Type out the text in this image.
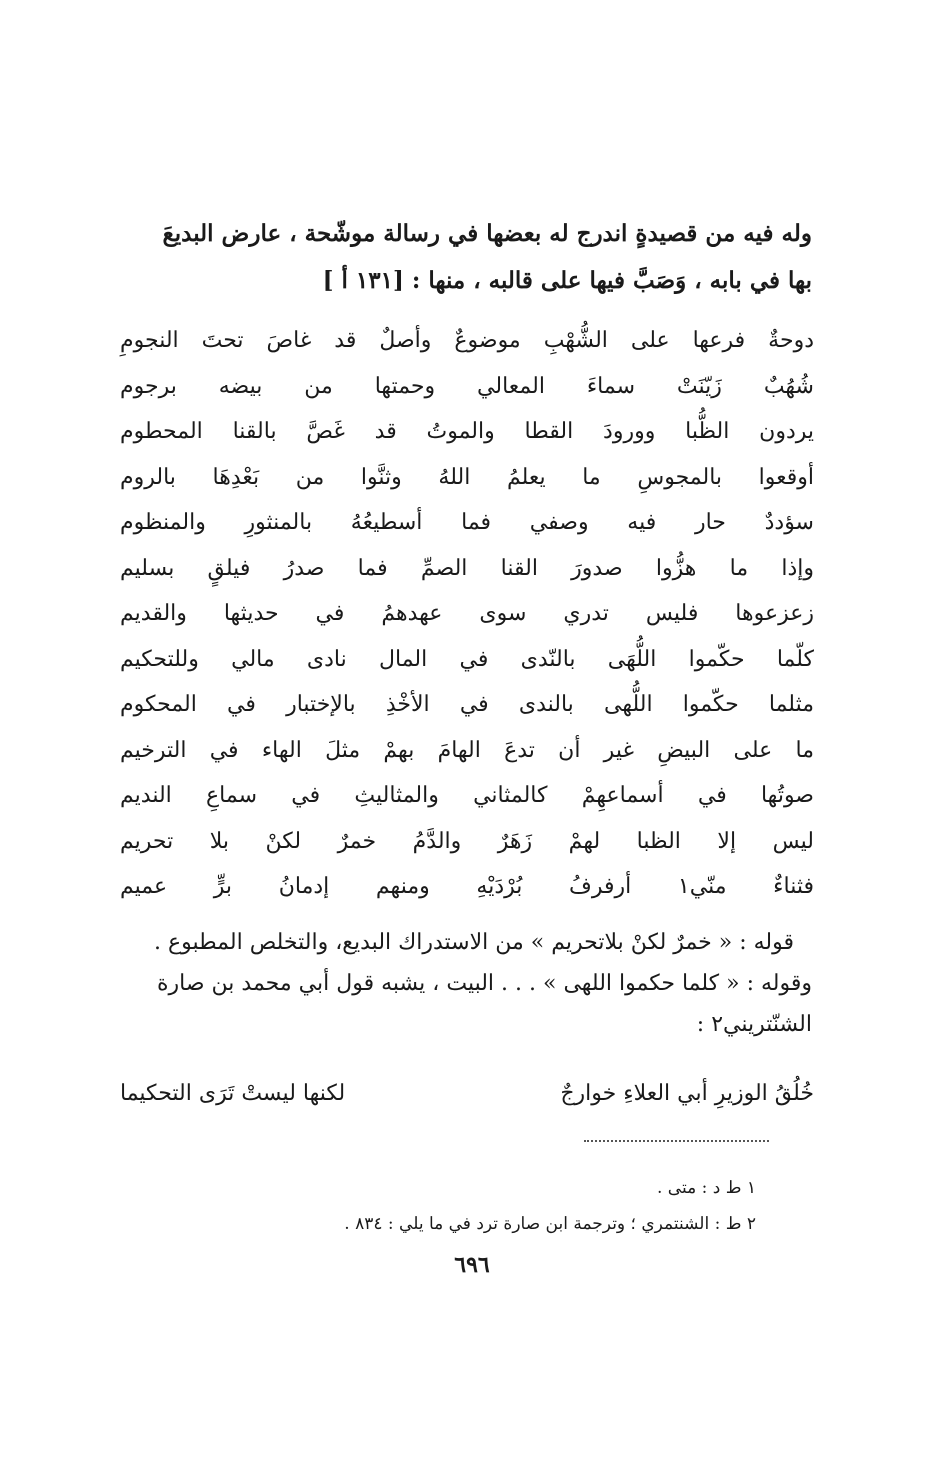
وله فيه من قصيدةٍ اندرج له بعضها في رسالة موشّحة ، عارض البديعَ
بها في بابه ، وَصَبَّ فيها على قالبه ، منها : [١٣١ أ ]
دوحةٌ فرعها على الشُّهْبِ موضوعٌ وأصلٌ قد غاصَ تحتَ النجومِ
شُهُبٌ زَيّنَتْ سماءَ المعالي وحمتها من بيضه برجوم
يردون الظُّبا وورودَ القطا والموتُ قد غَصَّ بالقنا المحطوم
أوقعوا بالمجوسِ ما يعلمُ اللهُ وثنَّوا من بَعْدِهَا بالروم
سؤددٌ حار فيه وصفي فما أسطيعُهُ بالمنثورِ والمنظوم
وإذا ما هزُّوا صدورَ القنا الصمِّ فما صدرُ فيلقٍ بسليم
زعزعوها فليس تدري سوى عهدهمُ في حديثها والقديم
كلّما حكّموا اللُّهَى بالنّدى في المال نادى مالي وللتحكيم
مثلما حكّموا اللُّهى بالندى في الأخْذِ بالإختبار في المحكوم
ما على البيضِ غير أن تدعَ الهامَ بهمْ مثلَ الهاء في الترخيم
صوتُها في أسماعهِمْ كالمثاني والمثاليثِ في سماعِ النديم
ليس إلا الظبا لهمْ زَهَرٌ والدَّمُ خمرٌ لكنْ بلا تحريم
فثناءٌ منّي١ أرفرفُ بُرْدَيْهِ ومنهم إدمانُ برٍّ عميم
قوله : « خمرٌ لكنْ بلاتحريم » من الاستدراك البديع، والتخلص المطبوع .
وقوله : « كلما حكموا اللهى » . . . البيت ، يشبه قول أبي محمد بن صارة
الشنّتريني٢ :
خُلُقُ الوزيرِ أبي العلاءِ خوارجٌ
لكنها ليستْ تَرَى التحكيما
١ ط د : متى .
٢ ط : الشنتمري ؛ وترجمة ابن صارة ترد في ما يلي : ٨٣٤ .
٦٩٦
